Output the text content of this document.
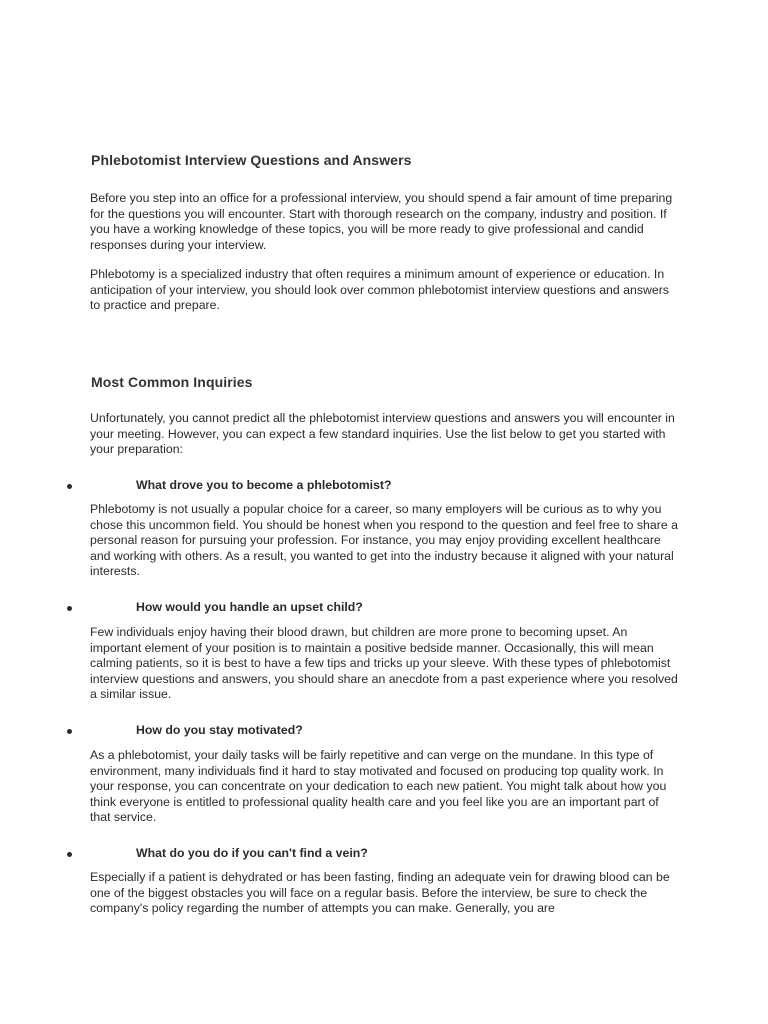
Phlebotomist Interview Questions and Answers

Before you step into an office for a professional interview, you should spend a fair amount of time preparing for the questions you will encounter. Start with thorough research on the company, industry and position. If you have a working knowledge of these topics, you will be more ready to give professional and candid responses during your interview.

Phlebotomy is a specialized industry that often requires a minimum amount of experience or education. In anticipation of your interview, you should look over common phlebotomist interview questions and answers to practice and prepare.

Most Common Inquiries

Unfortunately, you cannot predict all the phlebotomist interview questions and answers you will encounter in your meeting. However, you can expect a few standard inquiries. Use the list below to get you started with your preparation:

What drove you to become a phlebotomist?

Phlebotomy is not usually a popular choice for a career, so many employers will be curious as to why you chose this uncommon field. You should be honest when you respond to the question and feel free to share a personal reason for pursuing your profession. For instance, you may enjoy providing excellent healthcare and working with others. As a result, you wanted to get into the industry because it aligned with your natural interests.

How would you handle an upset child?

Few individuals enjoy having their blood drawn, but children are more prone to becoming upset. An important element of your position is to maintain a positive bedside manner. Occasionally, this will mean calming patients, so it is best to have a few tips and tricks up your sleeve. With these types of phlebotomist interview questions and answers, you should share an anecdote from a past experience where you resolved a similar issue.

How do you stay motivated?

As a phlebotomist, your daily tasks will be fairly repetitive and can verge on the mundane. In this type of environment, many individuals find it hard to stay motivated and focused on producing top quality work. In your response, you can concentrate on your dedication to each new patient. You might talk about how you think everyone is entitled to professional quality health care and you feel like you are an important part of that service.

What do you do if you can't find a vein?

Especially if a patient is dehydrated or has been fasting, finding an adequate vein for drawing blood can be one of the biggest obstacles you will face on a regular basis. Before the interview, be sure to check the company's policy regarding the number of attempts you can make. Generally, you are
